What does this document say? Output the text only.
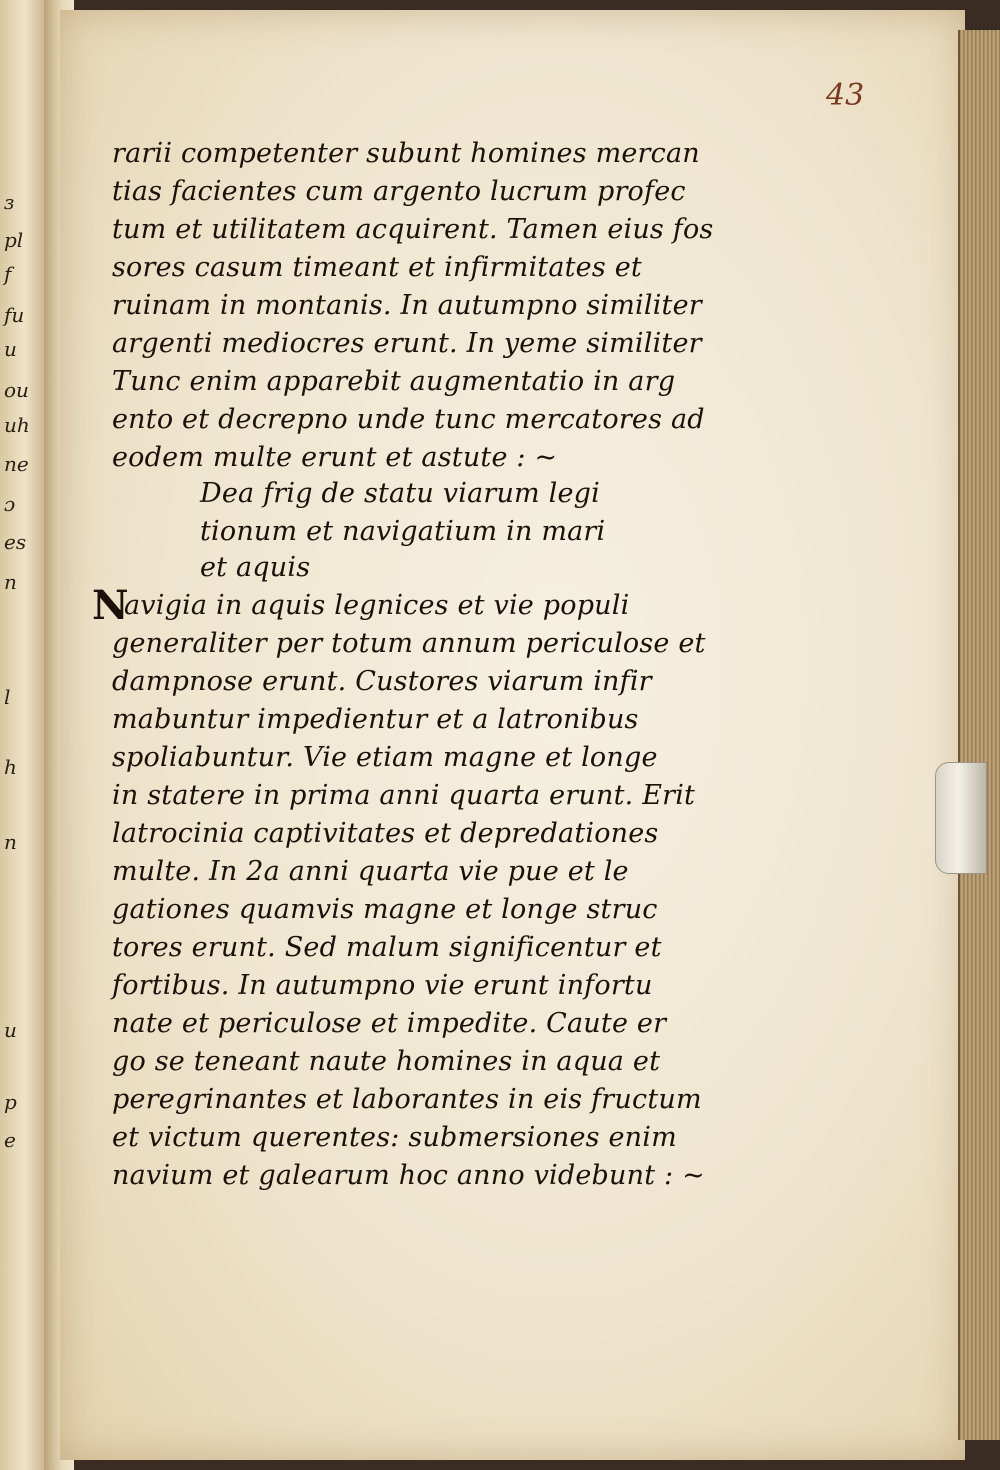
ɜ
pl
f
fu
u
ou
uh
ne
ɔ
es
n
l
h
n
u
p
e
43
rarii competenter subunt homines mercan
tias facientes cum argento lucrum profec
tum et utilitatem acquirent. Tamen eius fos
sores casum timeant et infirmitates et
ruinam in montanis. In autumpno similiter
argenti mediocres erunt. In yeme similiter
Tunc enim apparebit augmentatio in arg
ento et decrepno unde tunc mercatores ad
eodem multe erunt et astute : ~
Dea frig de statu viarum legi
tionum et navigatium in mari
et aquis
N
avigia in aquis legnices et vie populi
generaliter per totum annum periculose et
dampnose erunt. Custores viarum infir
mabuntur impedientur et a latronibus
spoliabuntur. Vie etiam magne et longe
in statere in prima anni quarta erunt. Erit
latrocinia captivitates et depredationes
multe. In 2a anni quarta vie pue et le
gationes quamvis magne et longe struc
tores erunt. Sed malum significentur et
fortibus. In autumpno vie erunt infortu
nate et periculose et impedite. Caute er
go se teneant naute homines in aqua et
peregrinantes et laborantes in eis fructum
et victum querentes: submersiones enim
navium et galearum hoc anno videbunt : ~
